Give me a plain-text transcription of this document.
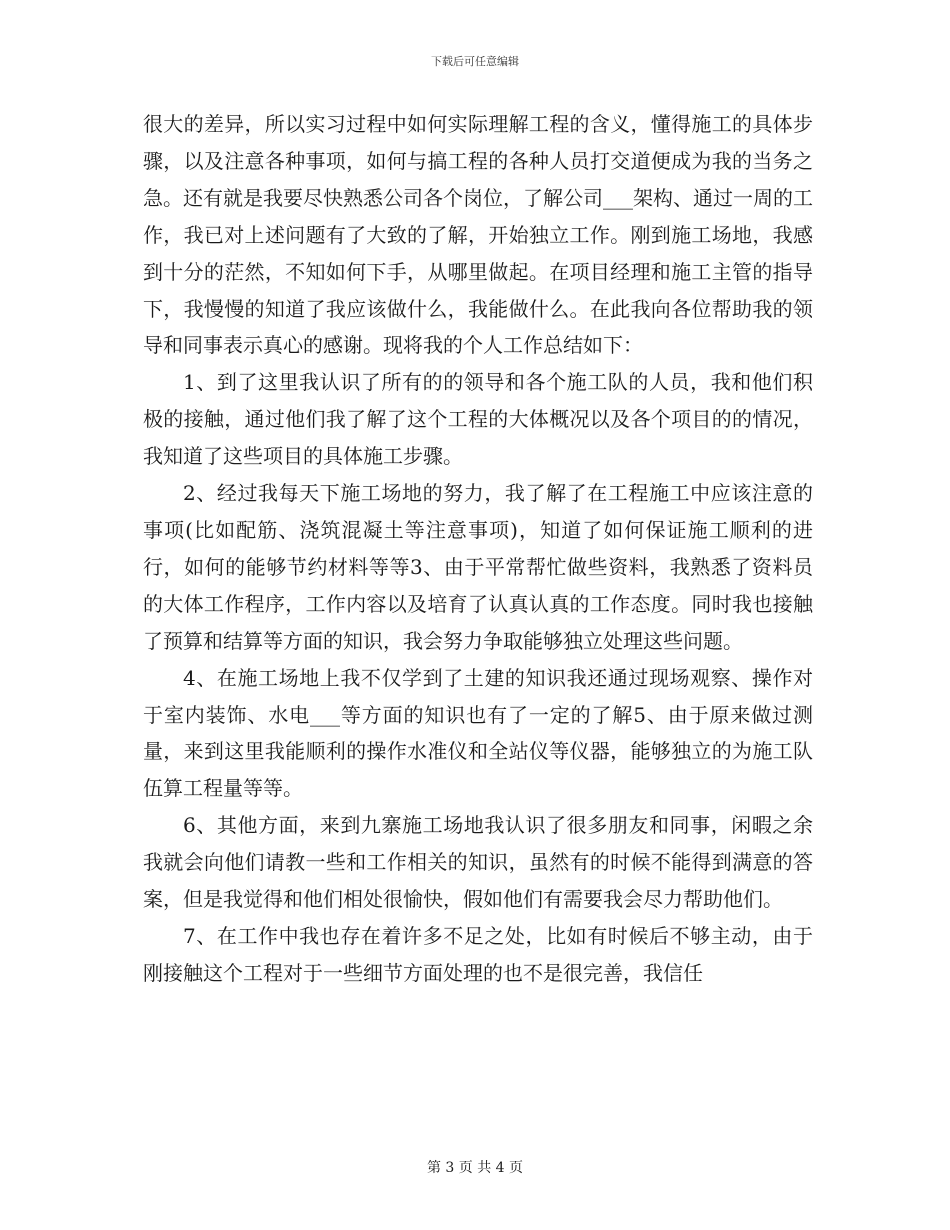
下载后可任意编辑

很大的差异，所以实习过程中如何实际理解工程的含义，懂得施工的具体步骤，以及注意各种事项，如何与搞工程的各种人员打交道便成为我的当务之急。还有就是我要尽快熟悉公司各个岗位，了解公司___架构、通过一周的工作，我已对上述问题有了大致的了解，开始独立工作。刚到施工场地，我感到十分的茫然，不知如何下手，从哪里做起。在项目经理和施工主管的指导下，我慢慢的知道了我应该做什么，我能做什么。在此我向各位帮助我的领导和同事表示真心的感谢。现将我的个人工作总结如下：

1、到了这里我认识了所有的的领导和各个施工队的人员，我和他们积极的接触，通过他们我了解了这个工程的大体概况以及各个项目的的情况，我知道了这些项目的具体施工步骤。

2、经过我每天下施工场地的努力，我了解了在工程施工中应该注意的事项(比如配筋、浇筑混凝土等注意事项)，知道了如何保证施工顺利的进行，如何的能够节约材料等等3、由于平常帮忙做些资料，我熟悉了资料员的大体工作程序，工作内容以及培育了认真认真的工作态度。同时我也接触了预算和结算等方面的知识，我会努力争取能够独立处理这些问题。

4、在施工场地上我不仅学到了土建的知识我还通过现场观察、操作对于室内装饰、水电___等方面的知识也有了一定的了解5、由于原来做过测量，来到这里我能顺利的操作水准仪和全站仪等仪器，能够独立的为施工队伍算工程量等等。

6、其他方面，来到九寨施工场地我认识了很多朋友和同事，闲暇之余我就会向他们请教一些和工作相关的知识，虽然有的时候不能得到满意的答案，但是我觉得和他们相处很愉快，假如他们有需要我会尽力帮助他们。

7、在工作中我也存在着许多不足之处，比如有时候后不够主动，由于刚接触这个工程对于一些细节方面处理的也不是很完善，我信任

第 3 页 共 4 页
